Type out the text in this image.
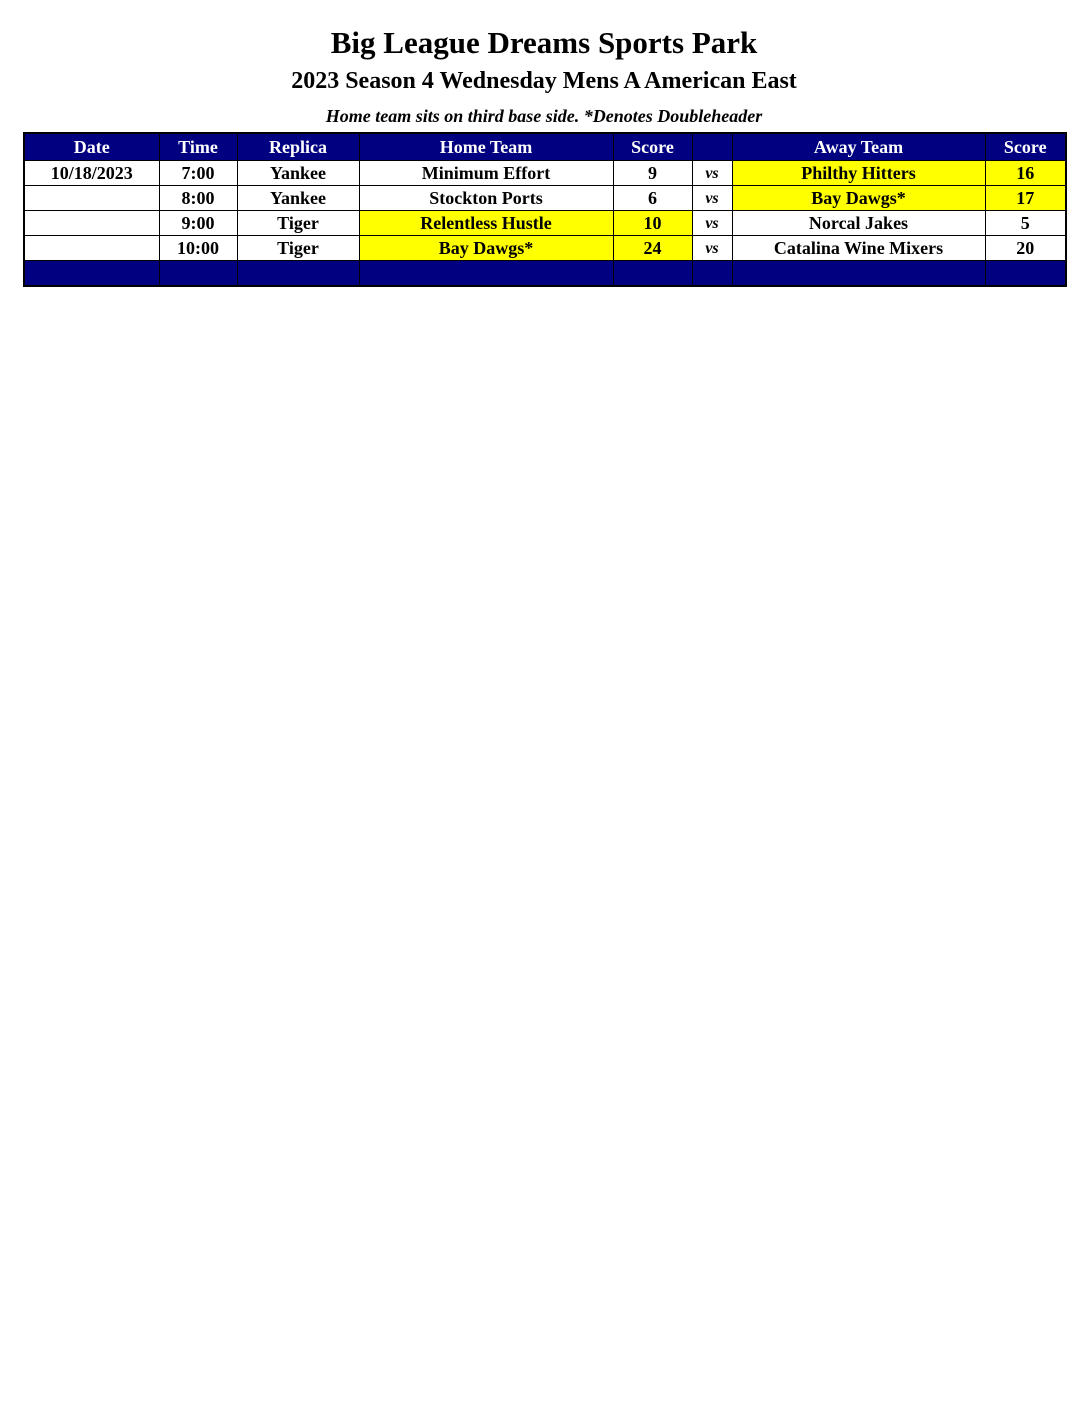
Big League Dreams Sports Park
2023 Season 4 Wednesday Mens A American East
Home team sits on third base side. *Denotes Doubleheader
Date	Time	Replica	Home Team	Score		Away Team	Score
10/18/2023	7:00	Yankee	Minimum Effort	9	vs	Philthy Hitters	16
	8:00	Yankee	Stockton Ports	6	vs	Bay Dawgs*	17
	9:00	Tiger	Relentless Hustle	10	vs	Norcal Jakes	5
	10:00	Tiger	Bay Dawgs*	24	vs	Catalina Wine Mixers	20
